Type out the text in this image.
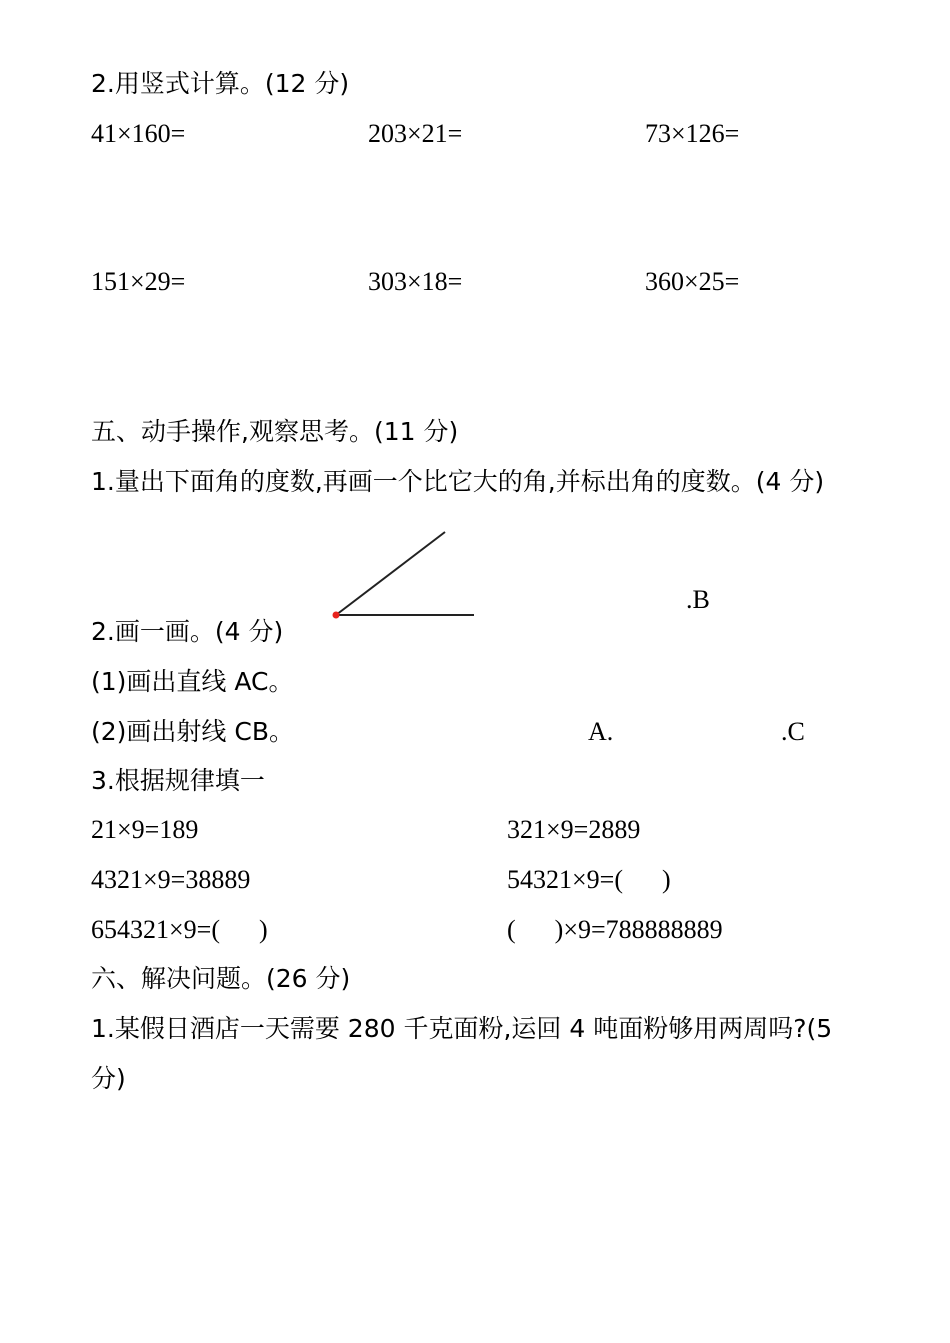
2.用竖式计算。(12 分)
41×160=	203×21=	73×126=
151×29=	303×18=	360×25=
五、动手操作,观察思考。(11 分)
1.量出下面角的度数,再画一个比它大的角,并标出角的度数。(4 分)
.B
2.画一画。(4 分)
(1)画出直线 AC。
(2)画出射线 CB。	A.	.C
3.根据规律填一
21×9=189	321×9=2889
4321×9=38889	54321×9=(      )
654321×9=(      )	(      )×9=788888889
六、解决问题。(26 分)
1.某假日酒店一天需要 280 千克面粉,运回 4 吨面粉够用两周吗?(5
分)
